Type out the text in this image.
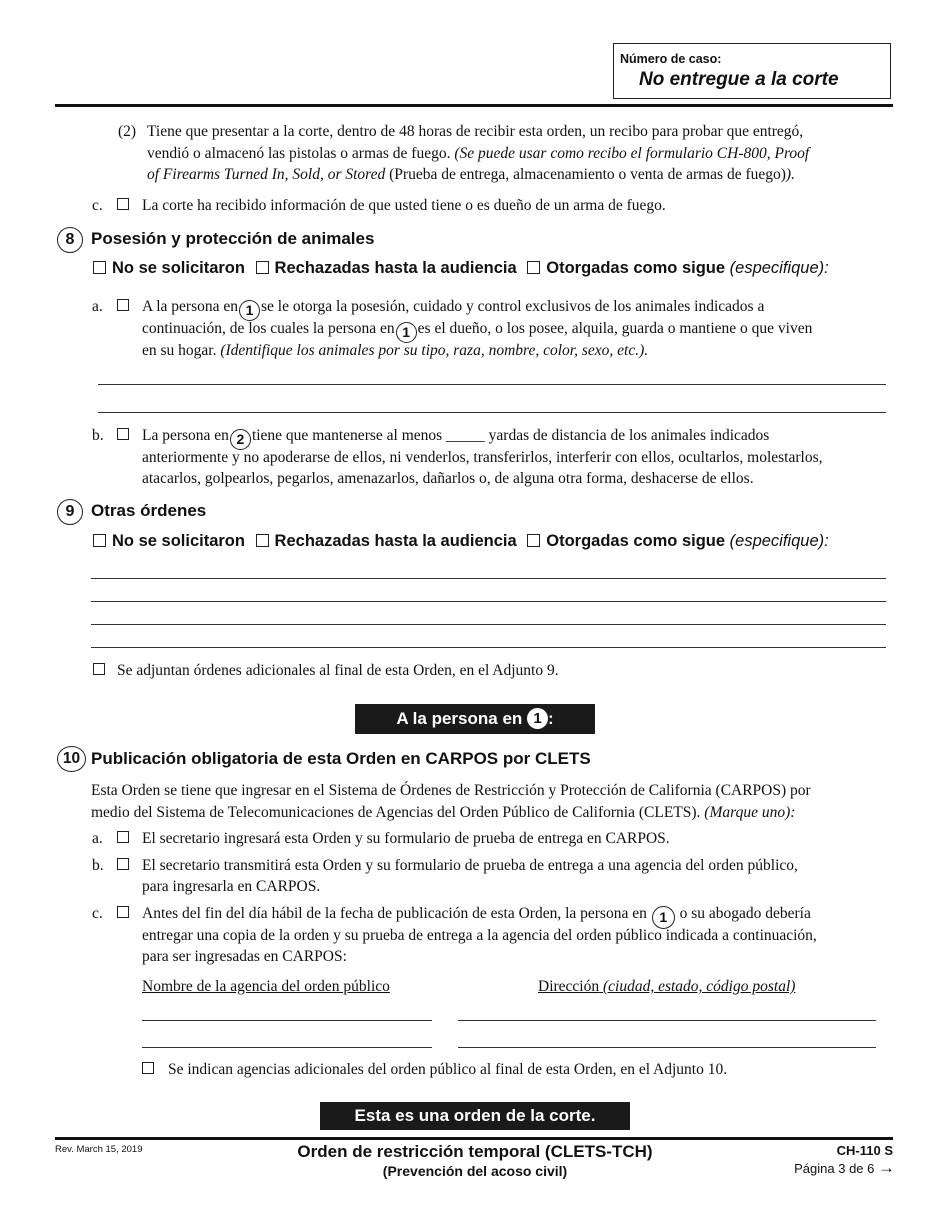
Número de caso:
No entregue a la corte
(2) Tiene que presentar a la corte, dentro de 48 horas de recibir esta orden, un recibo para probar que entregó,
vendió o almacenó las pistolas o armas de fuego. (Se puede usar como recibo el formulario CH-800, Proof
of Firearms Turned In, Sold, or Stored (Prueba de entrega, almacenamiento o venta de armas de fuego)).
c.	La corte ha recibido información de que usted tiene o es dueño de un arma de fuego.
8 Posesión y protección de animales
No se solicitaron Rechazadas hasta la audiencia Otorgadas como sigue (especifique):
a.	A la persona en 1 se le otorga la posesión, cuidado y control exclusivos de los animales indicados a
continuación, de los cuales la persona en 1 es el dueño, o los posee, alquila, guarda o mantiene o que viven
en su hogar. (Identifique los animales por su tipo, raza, nombre, color, sexo, etc.).
b. La persona en 2 tiene que mantenerse al menos _____ yardas de distancia de los animales indicados
anteriormente y no apoderarse de ellos, ni venderlos, transferirlos, interferir con ellos, ocultarlos, molestarlos,
atacarlos, golpearlos, pegarlos, amenazarlos, dañarlos o, de alguna otra forma, deshacerse de ellos.
9 Otras órdenes
No se solicitaron Rechazadas hasta la audiencia Otorgadas como sigue (especifique):
Se adjuntan órdenes adicionales al final de esta Orden, en el Adjunto 9.
A la persona en 1 :
10 Publicación obligatoria de esta Orden en CARPOS por CLETS
Esta Orden se tiene que ingresar en el Sistema de Órdenes de Restricción y Protección de California (CARPOS) por
medio del Sistema de Telecomunicaciones de Agencias del Orden Público de California (CLETS). (Marque uno):
a.	El secretario ingresará esta Orden y su formulario de prueba de entrega en CARPOS.
b. El secretario transmitirá esta Orden y su formulario de prueba de entrega a una agencia del orden público,
para ingresarla en CARPOS.
c.	Antes del fin del día hábil de la fecha de publicación de esta Orden, la persona en 1 o su abogado debería
entregar una copia de la orden y su prueba de entrega a la agencia del orden público indicada a continuación,
para ser ingresadas en CARPOS:
Nombre de la agencia del orden público	Dirección (ciudad, estado, código postal)
Se indican agencias adicionales del orden público al final de esta Orden, en el Adjunto 10.
Esta es una orden de la corte.
Rev. March 15, 2019	Orden de restricción temporal (CLETS-TCH)
(Prevención del acoso civil)
CH-110 S
Página 3 de 6 →
